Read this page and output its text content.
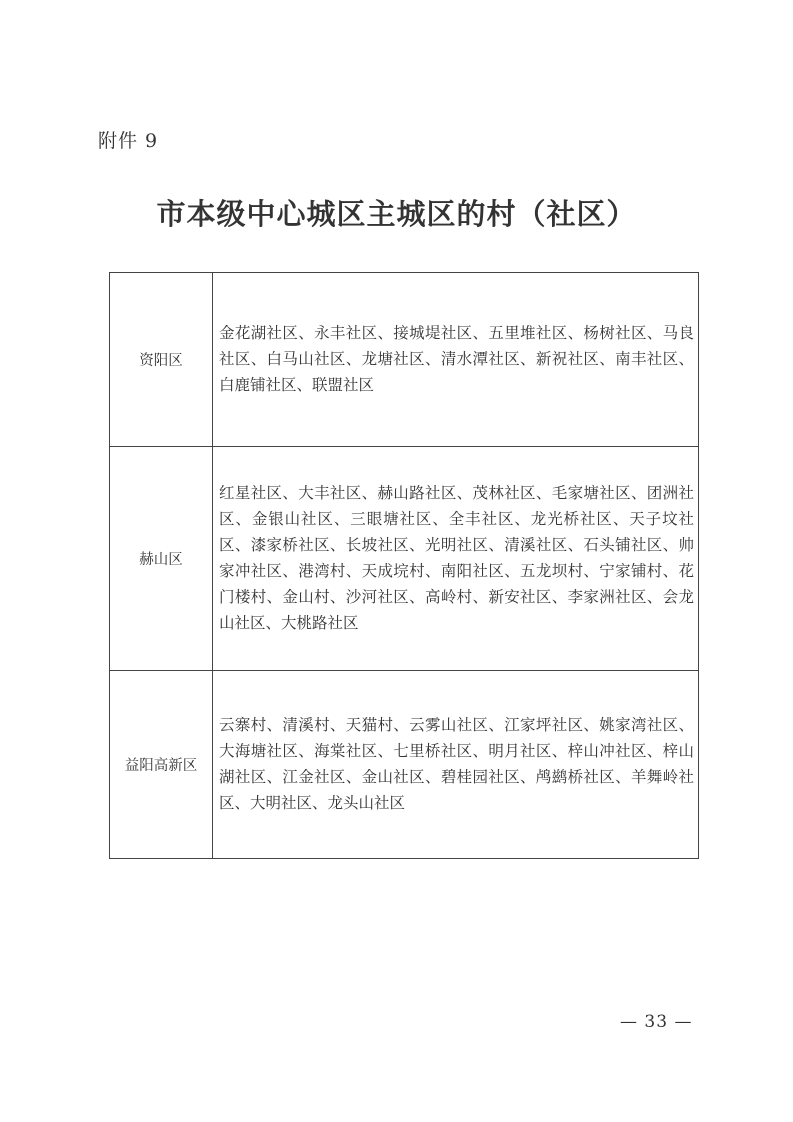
附件 9
市本级中心城区主城区的村（社区）
资阳区	金花湖社区、永丰社区、接城堤社区、五里堆社区、杨树社区、马良社区、白马山社区、龙塘社区、清水潭社区、新祝社区、南丰社区、白鹿铺社区、联盟社区
赫山区	红星社区、大丰社区、赫山路社区、茂林社区、毛家塘社区、团洲社区、金银山社区、三眼塘社区、全丰社区、龙光桥社区、天子坟社区、漆家桥社区、长坡社区、光明社区、清溪社区、石头铺社区、帅家冲社区、港湾村、天成垸村、南阳社区、五龙坝村、宁家铺村、花门楼村、金山村、沙河社区、高岭村、新安社区、李家洲社区、会龙山社区、大桃路社区
益阳高新区	云寨村、清溪村、天猫村、云雾山社区、江家坪社区、姚家湾社区、大海塘社区、海棠社区、七里桥社区、明月社区、梓山冲社区、梓山湖社区、江金社区、金山社区、碧桂园社区、鸬鹚桥社区、羊舞岭社区、大明社区、龙头山社区
— 33 —
